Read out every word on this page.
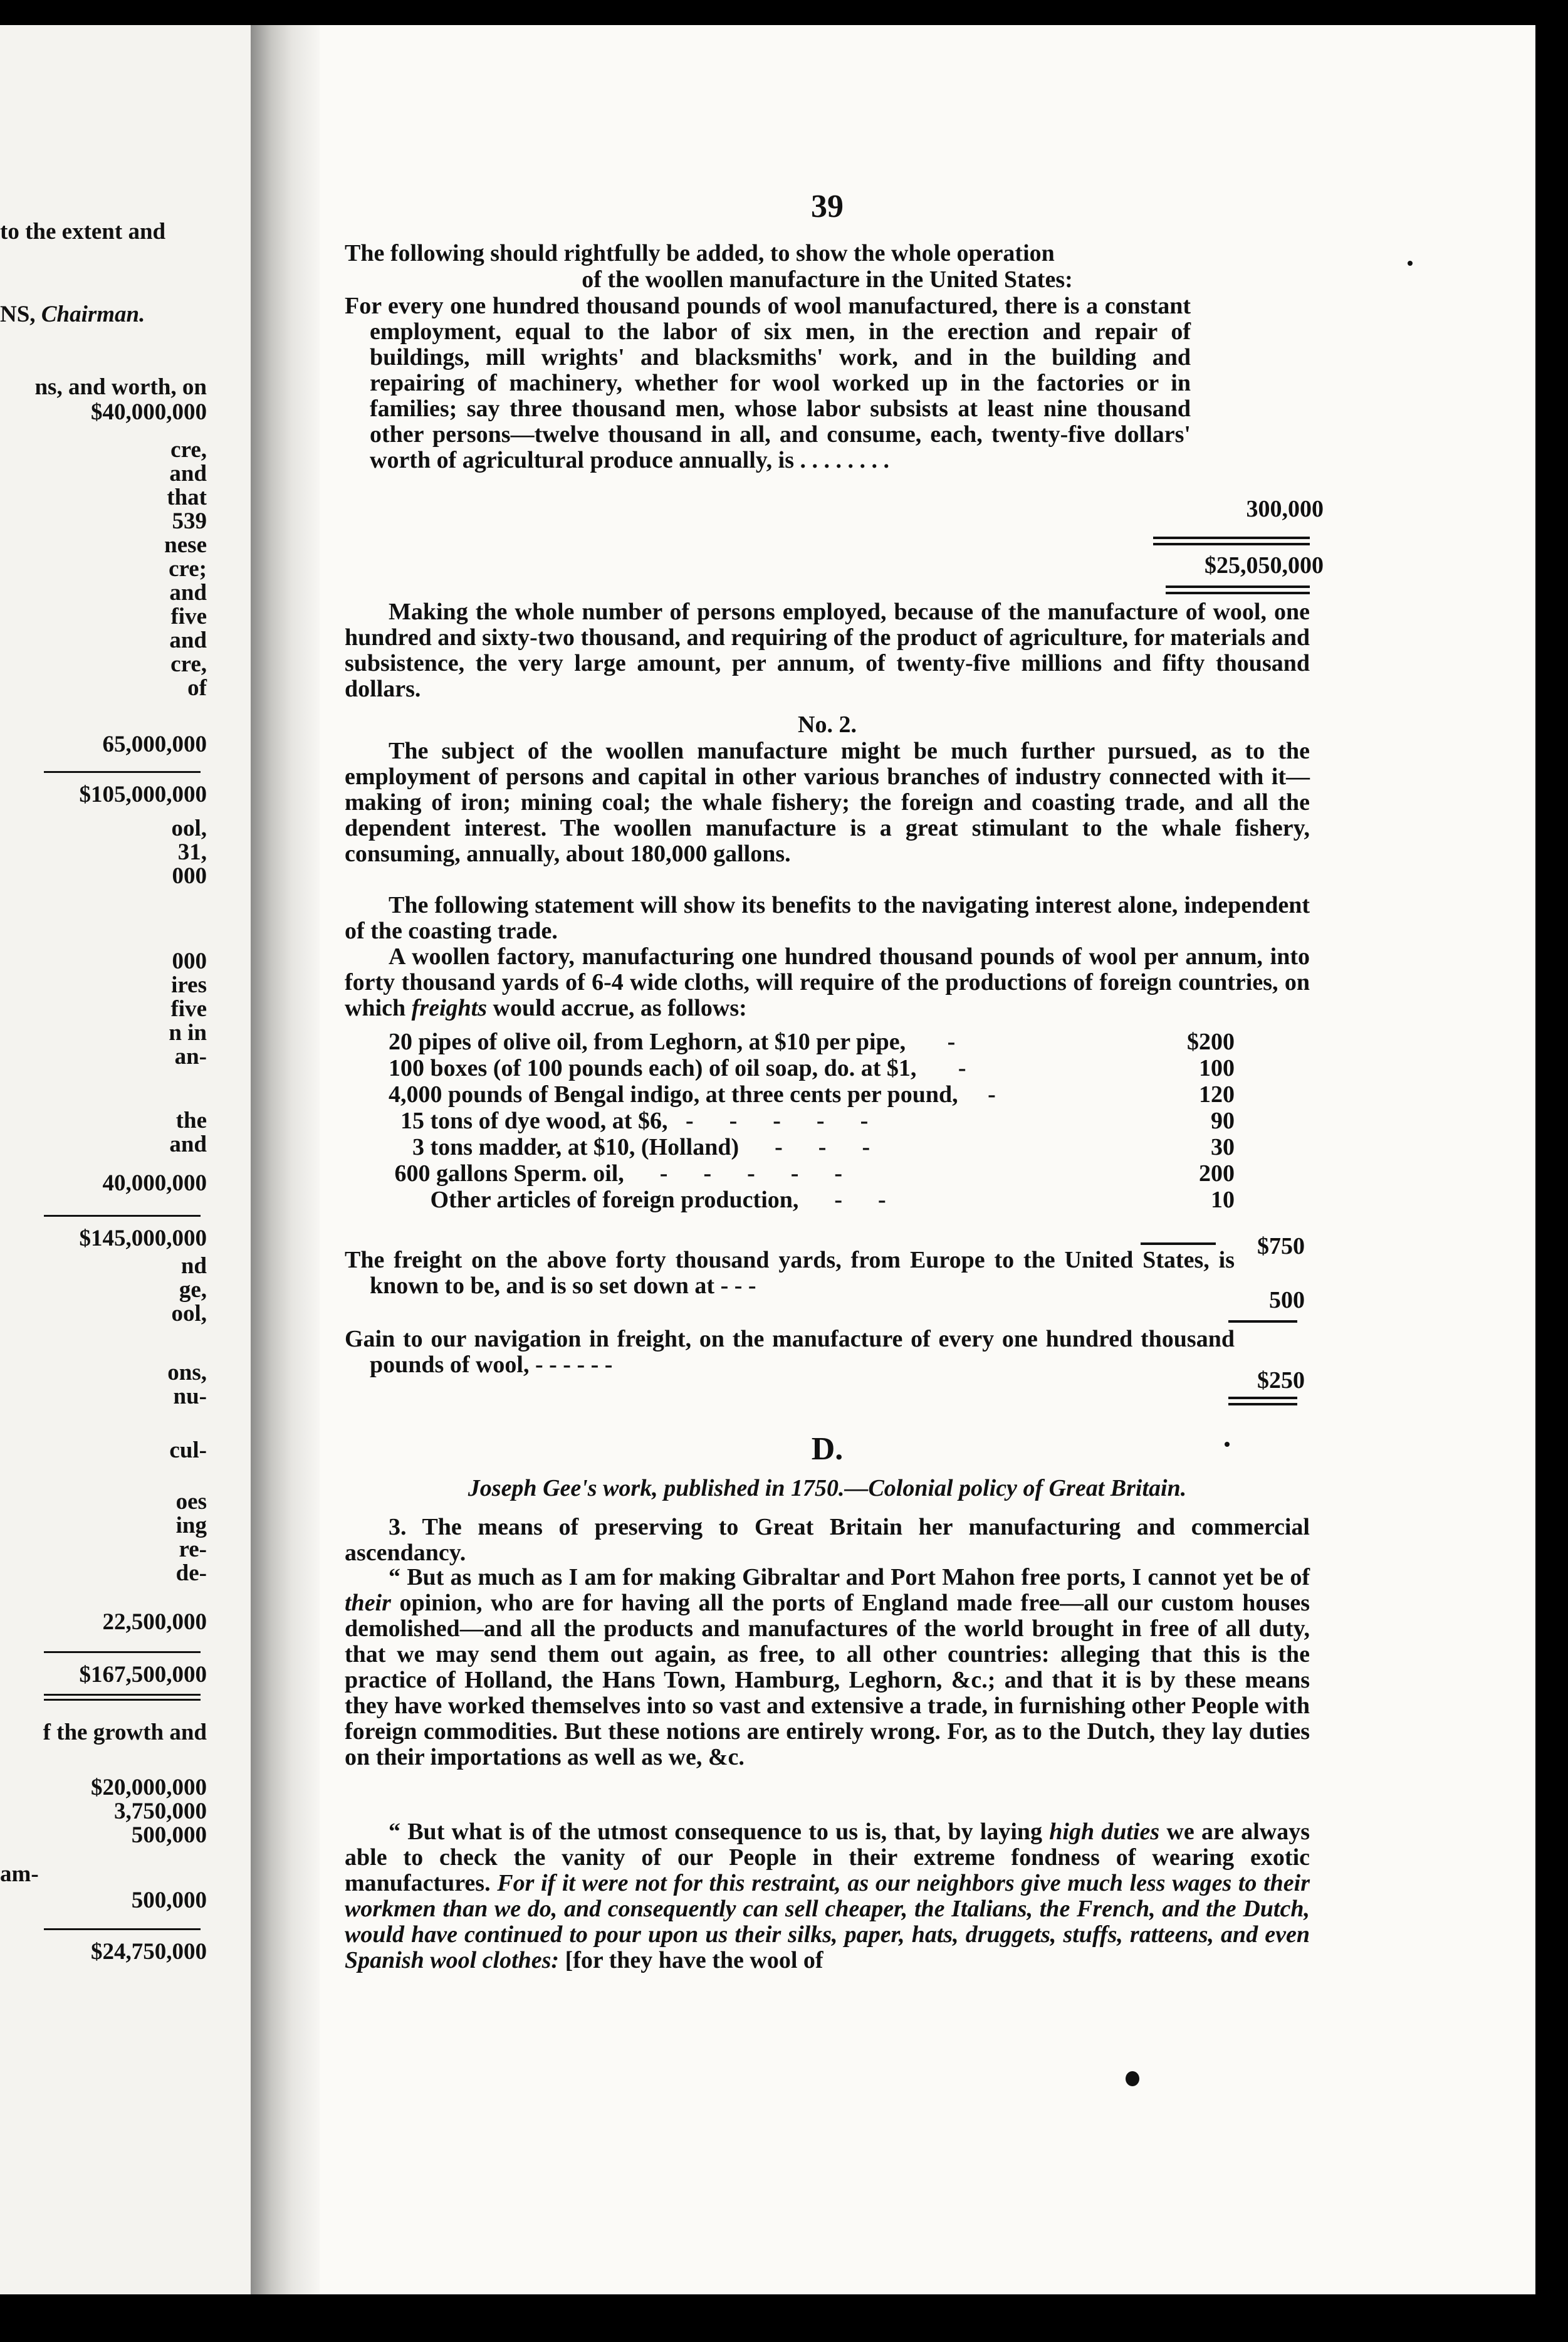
to the extent and
NS, Chairman.
ns, and worth, on
$40,000,000
cre,
and
that
539
nese
cre;
and
five
and
cre,
of
65,000,000
$105,000,000
ool,
31,
000
000
ires
five
n in
an-
the
and
40,000,000
$145,000,000
nd
ge,
ool,
ons,
nu-
cul-
oes
ing
re-
de-
22,500,000
$167,500,000
f the growth and
$20,000,000
3,750,000
500,000
am-
500,000
$24,750,000
39
The following should rightfully be added, to show the whole operation
of the woollen manufacture in the United States:
For every one hundred thousand pounds of wool manufactured, there is a constant employment, equal to the labor of six men, in the erection and repair of buildings, mill wrights' and blacksmiths' work, and in the building and repairing of machinery, whether for wool worked up in the factories or in families; say three thousand men, whose labor subsists at least nine thousand other persons—twelve thousand in all, and consume, each, twenty-five dollars' worth of agricultural produce annually, is . . . . . . . .
300,000
$25,050,000
Making the whole number of persons employed, because of the manufacture of wool, one hundred and sixty-two thousand, and requiring of the product of agriculture, for materials and subsistence, the very large amount, per annum, of twenty-five millions and fifty thousand dollars.
No. 2.
The subject of the woollen manufacture might be much further pursued, as to the employment of persons and capital in other various branches of industry connected with it—making of iron; mining coal; the whale fishery; the foreign and coasting trade, and all the dependent interest. The woollen manufacture is a great stimulant to the whale fishery, consuming, annually, about 180,000 gallons.
The following statement will show its benefits to the navigating interest alone, independent of the coasting trade.
A woollen factory, manufacturing one hundred thousand pounds of wool per annum, into forty thousand yards of 6-4 wide cloths, will require of the productions of foreign countries, on which freights would accrue, as follows:
20 pipes of olive oil, from Leghorn, at $10 per pipe,       -	$200
100 boxes (of 100 pounds each) of oil soap, do. at $1,       -	100
4,000 pounds of Bengal indigo, at three cents per pound,     -	120
15 tons of dye wood, at $6,   -      -      -      -      -	90
3 tons madder, at $10, (Holland)      -      -      -	30
600 gallons Sperm. oil,      -      -      -      -      -	200
Other articles of foreign production,      -      -	10
$750
The freight on the above forty thousand yards, from Europe to the United States, is known to be, and is so set down at - - -
500
Gain to our navigation in freight, on the manufacture of every one hundred thousand pounds of wool, - - - - - -
$250
D.
Joseph Gee's work, published in 1750.—Colonial policy of Great Britain.
3. The means of preserving to Great Britain her manufacturing and commercial ascendancy.
“ But as much as I am for making Gibraltar and Port Mahon free ports, I cannot yet be of their opinion, who are for having all the ports of England made free—all our custom houses demolished—and all the products and manufactures of the world brought in free of all duty, that we may send them out again, as free, to all other countries: alleging that this is the practice of Holland, the Hans Town, Hamburg, Leghorn, &c.; and that it is by these means they have worked themselves into so vast and extensive a trade, in furnishing other People with foreign commodities. But these notions are entirely wrong. For, as to the Dutch, they lay duties on their importations as well as we, &c.
“ But what is of the utmost consequence to us is, that, by laying high duties we are always able to check the vanity of our People in their extreme fondness of wearing exotic manufactures. For if it were not for this restraint, as our neighbors give much less wages to their workmen than we do, and consequently can sell cheaper, the Italians, the French, and the Dutch, would have continued to pour upon us their silks, paper, hats, druggets, stuffs, ratteens, and even Spanish wool clothes: [for they have the wool of
